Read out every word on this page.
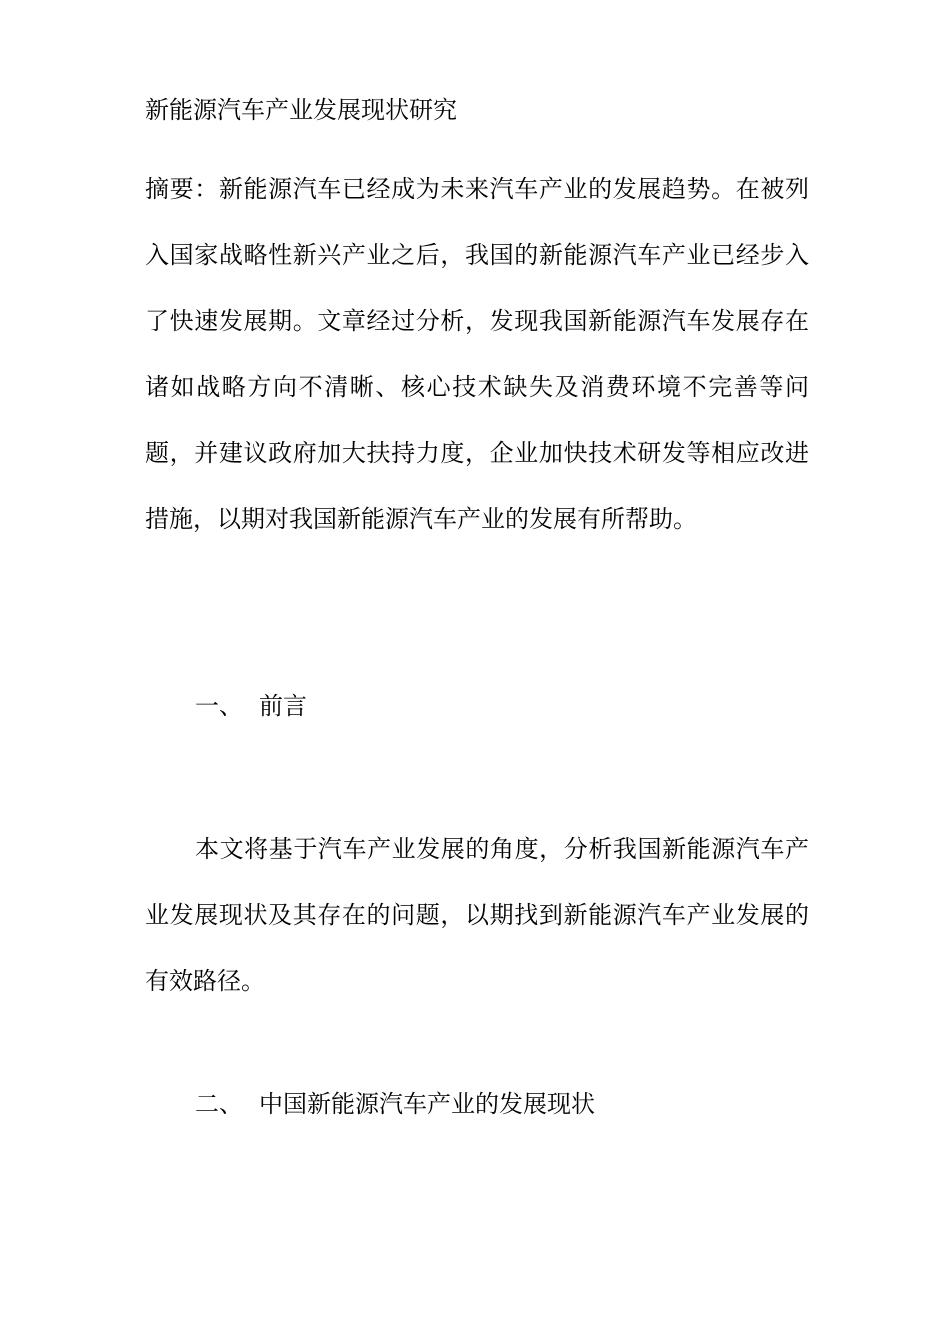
新能源汽车产业发展现状研究

摘要：新能源汽车已经成为未来汽车产业的发展趋势。在被列入国家战略性新兴产业之后，我国的新能源汽车产业已经步入了快速发展期。文章经过分析，发现我国新能源汽车发展存在诸如战略方向不清晰、核心技术缺失及消费环境不完善等问题，并建议政府加大扶持力度，企业加快技术研发等相应改进措施，以期对我国新能源汽车产业的发展有所帮助。

一、 前言

本文将基于汽车产业发展的角度，分析我国新能源汽车产业发展现状及其存在的问题，以期找到新能源汽车产业发展的有效路径。

二、 中国新能源汽车产业的发展现状
